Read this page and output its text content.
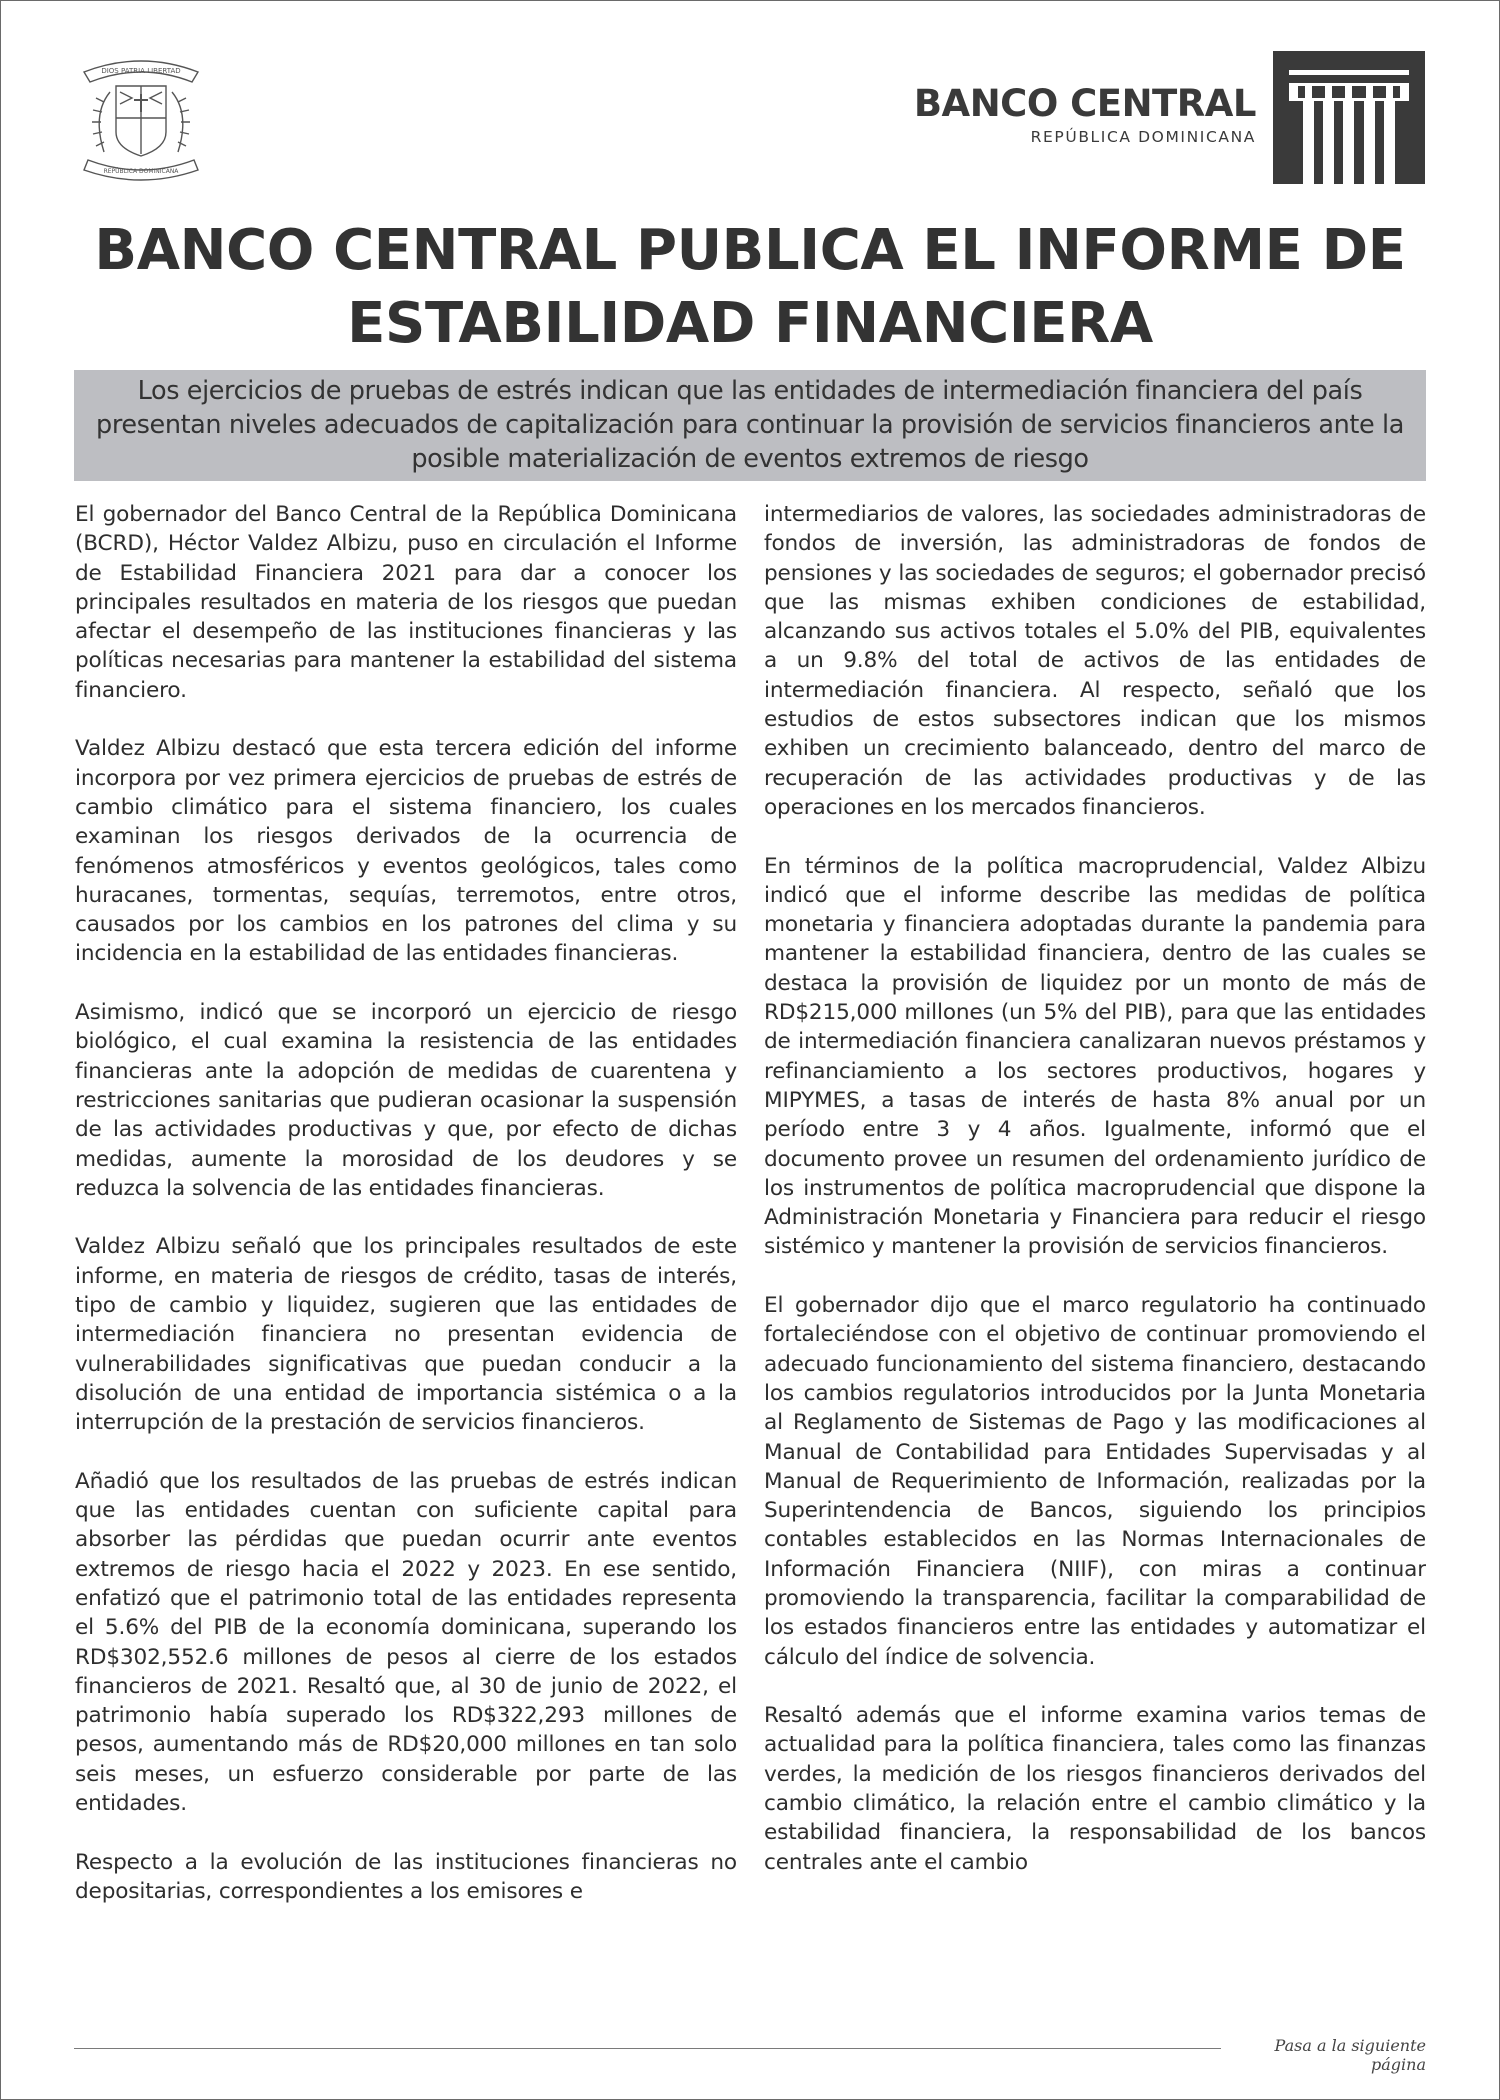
DIOS PATRIA LIBERTAD
REPÚBLICA DOMINICANA
BANCO CENTRAL
REPÚBLICA DOMINICANA
BANCO CENTRAL PUBLICA EL INFORME DE
ESTABILIDAD FINANCIERA

Los ejercicios de pruebas de estrés indican que las entidades de intermediación financiera del país presentan niveles adecuados de capitalización para continuar la provisión de servicios financieros ante la posible materialización de eventos extremos de riesgo

El gobernador del Banco Central de la República Dominicana (BCRD), Héctor Valdez Albizu, puso en circulación el Informe de Estabilidad Financiera 2021 para dar a conocer los principales resultados en materia de los riesgos que puedan afectar el desempeño de las instituciones financieras y las políticas necesarias para mantener la estabilidad del sistema financiero.

Valdez Albizu destacó que esta tercera edición del informe incorpora por vez primera ejercicios de pruebas de estrés de cambio climático para el sistema financiero, los cuales examinan los riesgos derivados de la ocurrencia de fenómenos atmosféricos y eventos geológicos, tales como huracanes, tormentas, sequías, terremotos, entre otros, causados por los cambios en los patrones del clima y su incidencia en la estabilidad de las entidades financieras.

Asimismo, indicó que se incorporó un ejercicio de riesgo biológico, el cual examina la resistencia de las entidades financieras ante la adopción de medidas de cuarentena y restricciones sanitarias que pudieran ocasionar la suspensión de las actividades productivas y que, por efecto de dichas medidas, aumente la morosidad de los deudores y se reduzca la solvencia de las entidades financieras.

Valdez Albizu señaló que los principales resultados de este informe, en materia de riesgos de crédito, tasas de interés, tipo de cambio y liquidez, sugieren que las entidades de intermediación financiera no presentan evidencia de vulnerabilidades significativas que puedan conducir a la disolución de una entidad de importancia sistémica o a la interrupción de la prestación de servicios financieros.

Añadió que los resultados de las pruebas de estrés indican que las entidades cuentan con suficiente capital para absorber las pérdidas que puedan ocurrir ante eventos extremos de riesgo hacia el 2022 y 2023. En ese sentido, enfatizó que el patrimonio total de las entidades representa el 5.6% del PIB de la economía dominicana, superando los RD$302,552.6 millones de pesos al cierre de los estados financieros de 2021. Resaltó que, al 30 de junio de 2022, el patrimonio había superado los RD$322,293 millones de pesos, aumentando más de RD$20,000 millones en tan solo seis meses, un esfuerzo considerable por parte de las entidades.

Respecto a la evolución de las instituciones financieras no depositarias, correspondientes a los emisores e

intermediarios de valores, las sociedades administradoras de fondos de inversión, las administradoras de fondos de pensiones y las sociedades de seguros; el gobernador precisó que las mismas exhiben condiciones de estabilidad, alcanzando sus activos totales el 5.0% del PIB, equivalentes a un 9.8% del total de activos de las entidades de intermediación financiera. Al respecto, señaló que los estudios de estos subsectores indican que los mismos exhiben un crecimiento balanceado, dentro del marco de recuperación de las actividades productivas y de las operaciones en los mercados financieros.

En términos de la política macroprudencial, Valdez Albizu indicó que el informe describe las medidas de política monetaria y financiera adoptadas durante la pandemia para mantener la estabilidad financiera, dentro de las cuales se destaca la provisión de liquidez por un monto de más de RD$215,000 millones (un 5% del PIB), para que las entidades de intermediación financiera canalizaran nuevos préstamos y refinanciamiento a los sectores productivos, hogares y MIPYMES, a tasas de interés de hasta 8% anual por un período entre 3 y 4 años. Igualmente, informó que el documento provee un resumen del ordenamiento jurídico de los instrumentos de política macroprudencial que dispone la Administración Monetaria y Financiera para reducir el riesgo sistémico y mantener la provisión de servicios financieros.

El gobernador dijo que el marco regulatorio ha continuado fortaleciéndose con el objetivo de continuar promoviendo el adecuado funcionamiento del sistema financiero, destacando los cambios regulatorios introducidos por la Junta Monetaria al Reglamento de Sistemas de Pago y las modificaciones al Manual de Contabilidad para Entidades Supervisadas y al Manual de Requerimiento de Información, realizadas por la Superintendencia de Bancos, siguiendo los principios contables establecidos en las Normas Internacionales de Información Financiera (NIIF), con miras a continuar promoviendo la transparencia, facilitar la comparabilidad de los estados financieros entre las entidades y automatizar el cálculo del índice de solvencia.

Resaltó además que el informe examina varios temas de actualidad para la política financiera, tales como las finanzas verdes, la medición de los riesgos financieros derivados del cambio climático, la relación entre el cambio climático y la estabilidad financiera, la responsabilidad de los bancos centrales ante el cambio

Pasa a la siguiente página
